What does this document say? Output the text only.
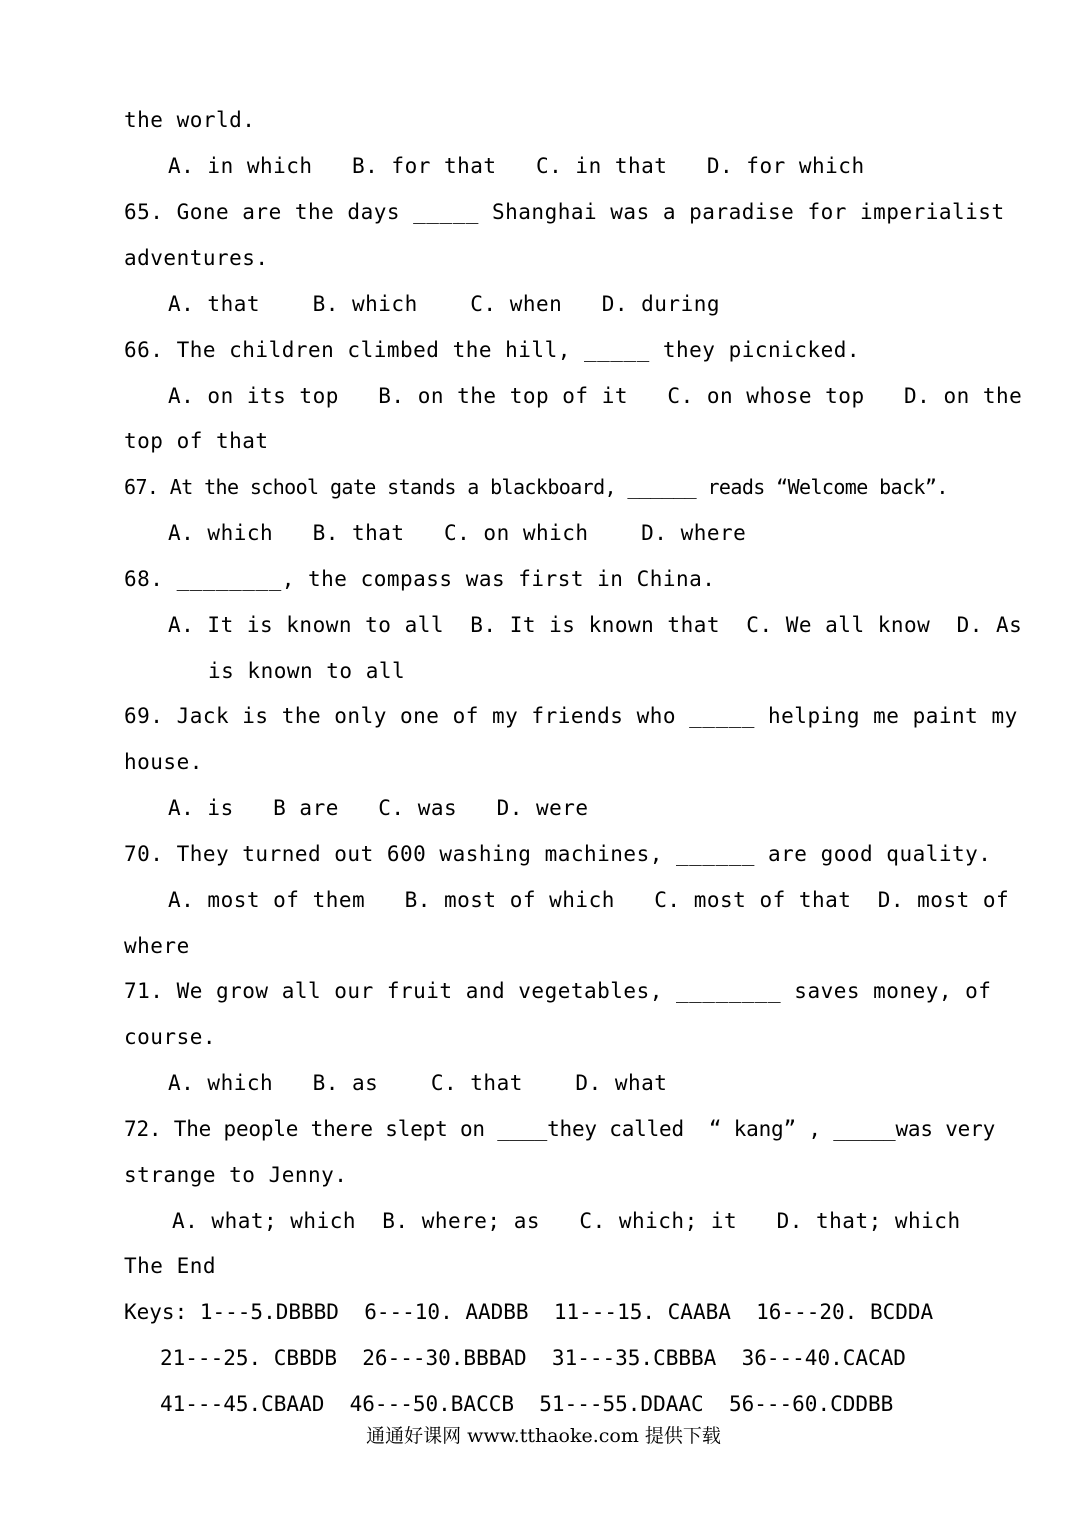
the world.
A. in which   B. for that   C. in that   D. for which
65. Gone are the days _____ Shanghai was a paradise for imperialist
adventures.
A. that    B. which    C. when   D. during
66. The children climbed the hill, _____ they picnicked.
A. on its top   B. on the top of it   C. on whose top   D. on the
top of that
67. At the school gate stands a blackboard, ______ reads “Welcome back”.
A. which   B. that   C. on which    D. where
68. ________, the compass was first in China.
A. It is known to all  B. It is known that  C. We all know  D. As
is known to all
69. Jack is the only one of my friends who _____ helping me paint my
house.
A. is   B are   C. was   D. were
70. They turned out 600 washing machines, ______ are good quality.
A. most of them   B. most of which   C. most of that  D. most of
where
71. We grow all our fruit and vegetables, ________ saves money, of
course.
A. which   B. as    C. that    D. what
72. The people there slept on ____they called  “ kang” , _____was very
strange to Jenny.
A. what; which  B. where; as   C. which; it   D. that; which
The End
Keys: 1---5.DBBBD  6---10. AADBB  11---15. CAABA  16---20. BCDDA
21---25. CBBDB  26---30.BBBAD  31---35.CBBBA  36---40.CACAD
41---45.CBAAD  46---50.BACCB  51---55.DDAAC  56---60.CDDBB
通通好课网 www.tthaoke.com 提供下载
